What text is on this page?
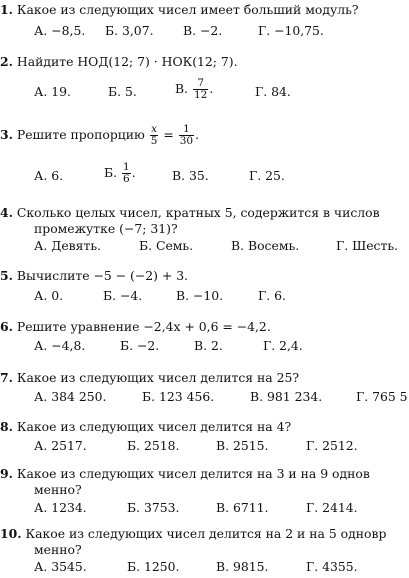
1. Какое из следующих чисел имеет больший модуль?
А. −8,5. Б. 3,07. В. −2.	Г. −10,75.
2. Найдите НОД(12; 7) · НОК(12; 7).
А. 19.	Б. 5.	В. $\frac{7}{12}$ .	Г. 84.
3. Решите пропорцию $\frac{x}{5} = \frac{1}{30}$ .
А. 6.	Б. $\frac{1}{6}$ .	В. 35.	Г. 25.
4. Сколько целых чисел, кратных 5, содержится в числов
промежутке (−7; 31)?
А. Девять.	Б. Семь.	В. Восемь.	Г. Шесть.
5. Вычислите −5 − (−2) + 3.
А. 0.	Б. −4.	В. −10.	Г. 6.
6. Решите уравнение −2,4x + 0,6 = −4,2.
А. −4,8.	Б. −2.	В. 2.	Г. 2,4.
7. Какое из следующих чисел делится на 25?
А. 384 250.	Б. 123 456.	В. 981 234.	Г. 765 5
8. Какое из следующих чисел делится на 4?
А. 2517.	Б. 2518.	В. 2515.	Г. 2512.
9. Какое из следующих чисел делится на 3 и на 9 однов
менно?
А. 1234.	Б. 3753.	В. 6711.	Г. 2414.
10. Какое из следующих чисел делится на 2 и на 5 одновр
менно?
А. 3545.	Б. 1250.	В. 9815.	Г. 4355.
